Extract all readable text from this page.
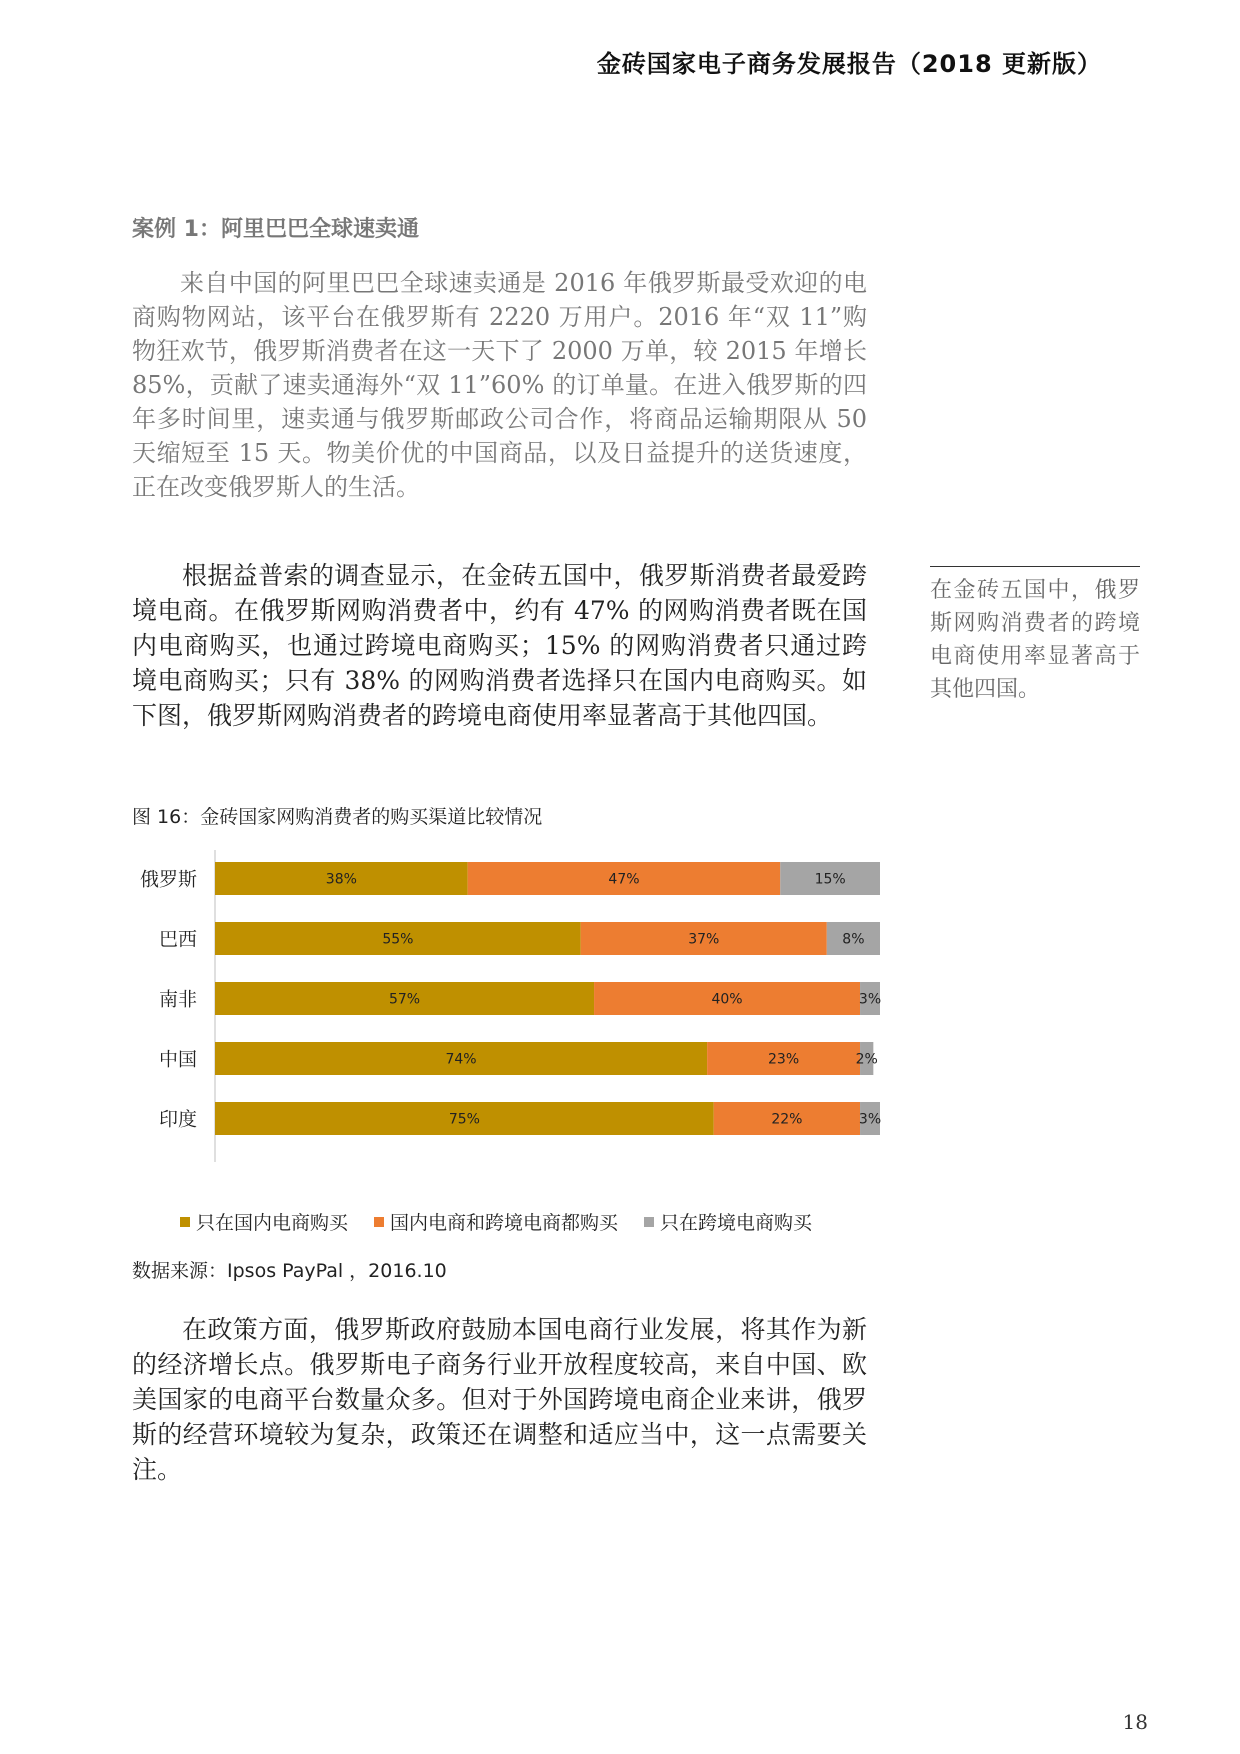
金砖国家电子商务发展报告（2018 更新版）
案例 1：阿里巴巴全球速卖通

来自中国的阿里巴巴全球速卖通是 2016 年俄罗斯最受欢迎的电商购物网站，该平台在俄罗斯有 2220 万用户。2016 年“双 11”购物狂欢节，俄罗斯消费者在这一天下了 2000 万单，较 2015 年增长 85%，贡献了速卖通海外“双 11”60% 的订单量。在进入俄罗斯的四年多时间里，速卖通与俄罗斯邮政公司合作，将商品运输期限从 50 天缩短至 15 天。物美价优的中国商品，以及日益提升的送货速度，正在改变俄罗斯人的生活。

根据益普索的调查显示，在金砖五国中，俄罗斯消费者最爱跨境电商。在俄罗斯网购消费者中，约有 47% 的网购消费者既在国内电商购买，也通过跨境电商购买；15% 的网购消费者只通过跨境电商购买；只有 38% 的网购消费者选择只在国内电商购买。如下图，俄罗斯网购消费者的跨境电商使用率显著高于其他四国。

在金砖五国中，俄罗斯网购消费者的跨境电商使用率显著高于其他四国。

图 16：金砖国家网购消费者的购买渠道比较情况
俄罗斯	38%	47%	15%
巴西	55%	37%	8%
南非	57%	40%	3%
中国	74%	23%	2%
印度	75%	22%	3%
只在国内电商购买 国内电商和跨境电商都购买 只在跨境电商购买
数据来源：Ipsos PayPal ，2016.10

在政策方面，俄罗斯政府鼓励本国电商行业发展，将其作为新的经济增长点。俄罗斯电子商务行业开放程度较高，来自中国、欧美国家的电商平台数量众多。但对于外国跨境电商企业来讲，俄罗斯的经营环境较为复杂，政策还在调整和适应当中，这一点需要关注。

18
